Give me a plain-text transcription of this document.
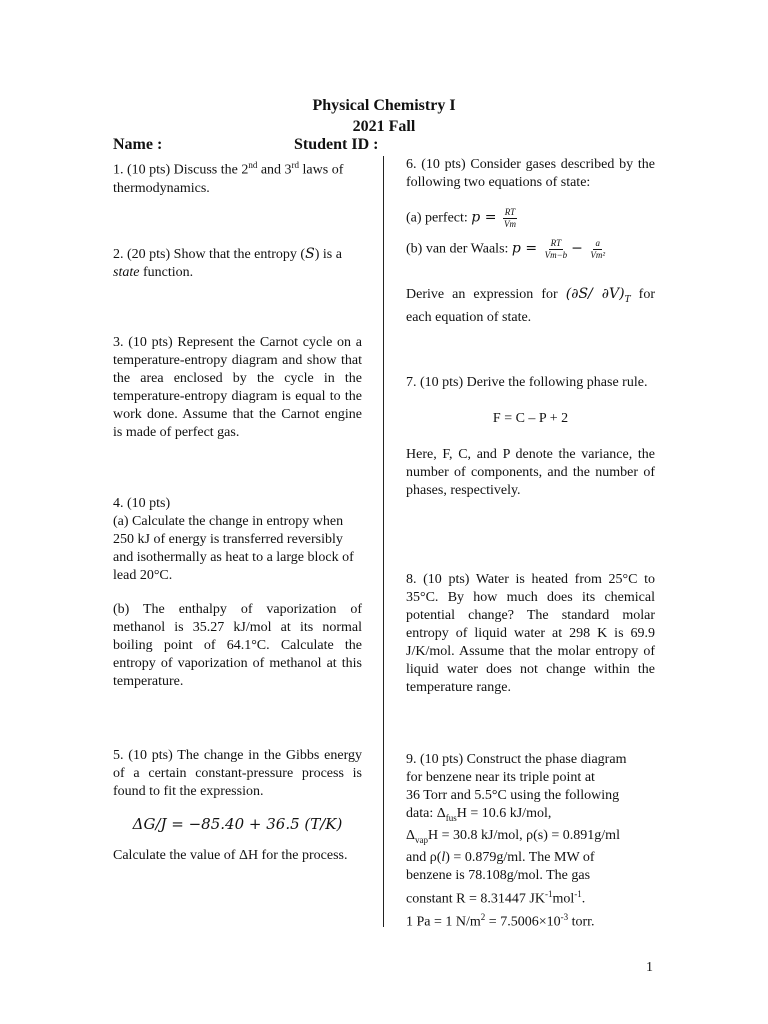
Physical Chemistry I
2021 Fall
Name :	Student ID :
1. (10 pts) Discuss the 2nd and 3rd laws of thermodynamics.
2. (20 pts) Show that the entropy (S) is a state function.
3. (10 pts) Represent the Carnot cycle on a temperature-entropy diagram and show that the area enclosed by the cycle in the temperature-entropy diagram is equal to the work done. Assume that the Carnot engine is made of perfect gas.
4. (10 pts)
(a) Calculate the change in entropy when 250 kJ of energy is transferred reversibly and isothermally as heat to a large block of lead 20°C.
(b) The enthalpy of vaporization of methanol is 35.27 kJ/mol at its normal boiling point of 64.1°C. Calculate the entropy of vaporization of methanol at this temperature.
5. (10 pts) The change in the Gibbs energy of a certain constant-pressure process is found to fit the expression.
ΔG/J = −85.40 + 36.5 (T/K)
Calculate the value of ΔH for the process.
6. (10 pts) Consider gases described by the following two equations of state:
(a) perfect: $p = \frac{RT}{Vm}$
(b) van der Waals: $p = \frac{RT}{Vm-b} - \frac{a}{\text{Vm²}}$
Derive an expression for (∂S/ $\partial V)_T$ for each equation of state.
7. (10 pts) Derive the following phase rule.
F = C – P + 2
Here, F, C, and P denote the variance, the number of components, and the number of phases, respectively.
8. (10 pts) Water is heated from 25°C to 35°C. By how much does its chemical potential change? The standard molar entropy of liquid water at 298 K is 69.9 J/K/mol. Assume that the molar entropy of liquid water does not change within the temperature range.
9. (10 pts) Construct the phase diagram
for benzene near its triple point at
36 Torr and 5.5°C using the following
data: $\Delta_{fus}H = 10.6$ kJ/mol,
$\Delta_{vap}H = 30.8$ kJ/mol, ρ(s) = 0.891g/ml
and ρ(l) = 0.879g/ml. The MW of
benzene is 78.108g/mol. The gas
constant R = 8.31447 $JK^{-1}mol^{-1}$.
1 Pa = 1 $N/m^2 = 7.5006\times 10^{-3}$ torr.
1
